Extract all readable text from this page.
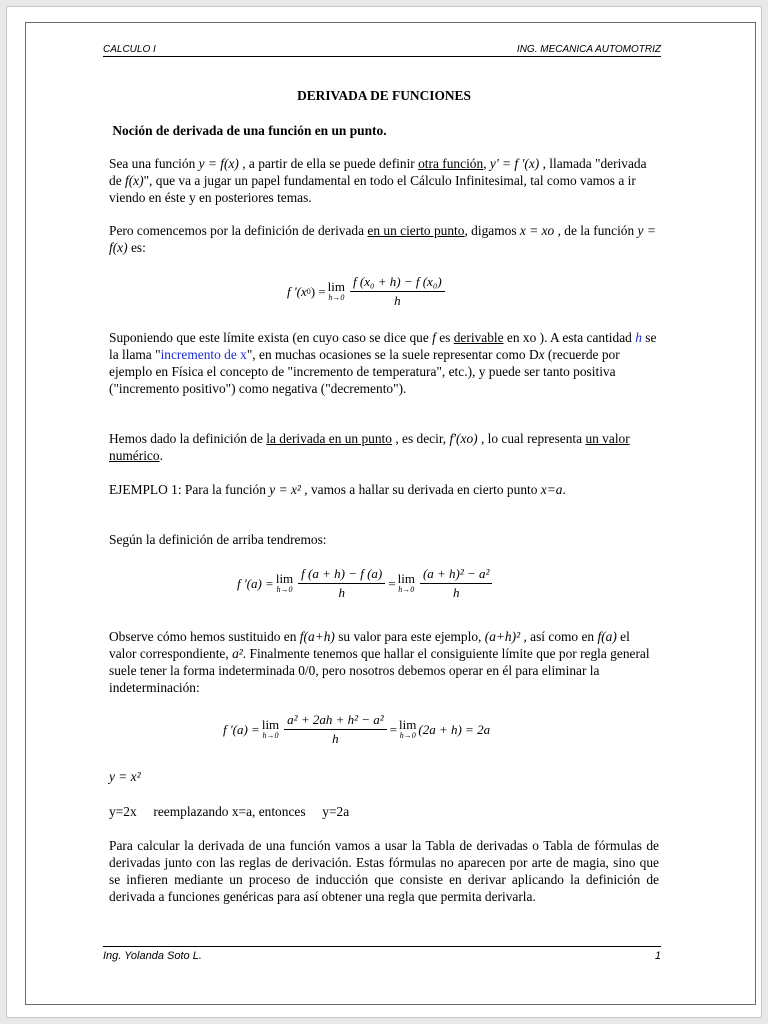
CALCULO I	ING. MECANICA AUTOMOTRIZ
DERIVADA DE FUNCIONES
Noción de derivada de una función en un punto.
Sea una función y = f(x) , a partir de ella se puede definir otra función, y' = f '(x) , llamada "derivada de f(x)", que va a jugar un papel fundamental en todo el Cálculo Infinitesimal, tal como vamos a ir viendo en éste y en posteriores temas.
Pero comencemos por la definición de derivada en un cierto punto, digamos x = xo , de la función y = f(x) es:
f '(x 0 ) = lim
$h\to 0 \frac{\text{f (x₀ + h) − f (x₀)}}{h}$
Suponiendo que este límite exista (en cuyo caso se dice que f es derivable en xo ). A esta cantidad h se la llama "incremento de x", en muchas ocasiones se la suele representar como Dx (recuerde por ejemplo en Física el concepto de "incremento de temperatura", etc.), y puede ser tanto positiva ("incremento positivo") como negativa ("decremento").
Hemos dado la definición de la derivada en un punto , es decir, f'(xo) , lo cual representa un valor numérico.
EJEMPLO 1: Para la función y = x² , vamos a hallar su derivada en cierto punto x=a.
Según la definición de arriba tendremos:
f '(a) = lim
$h\to 0 \frac{f (a + h) - f (a)}{h} = \lim$
$h\to 0 \frac{\text{(a + h)² − a²}}{h}$
Observe cómo hemos sustituido en f(a+h) su valor para este ejemplo, (a+h)² , así como en f(a) el valor correspondiente, a². Finalmente tenemos que hallar el consiguiente límite que por regla general suele tener la forma indeterminada 0/0, pero nosotros debemos operar en él para eliminar la indeterminación:
f '(a) = lim
$h\to 0 \frac{\text{a² + 2ah + h² − a²}}{h} = \lim$
h→0 (2a + h) = 2a
y = x²
y=2x     reemplazando x=a, entonces     y=2a
Para calcular la derivada de una función vamos a usar la Tabla de derivadas o Tabla de fórmulas de derivadas junto con las reglas de derivación. Estas fórmulas no aparecen por arte de magia, sino que se infieren mediante un proceso de inducción que consiste en derivar aplicando la definición de derivada a funciones genéricas para así obtener una regla que permita derivarla.
Ing. Yolanda Soto L.	1
